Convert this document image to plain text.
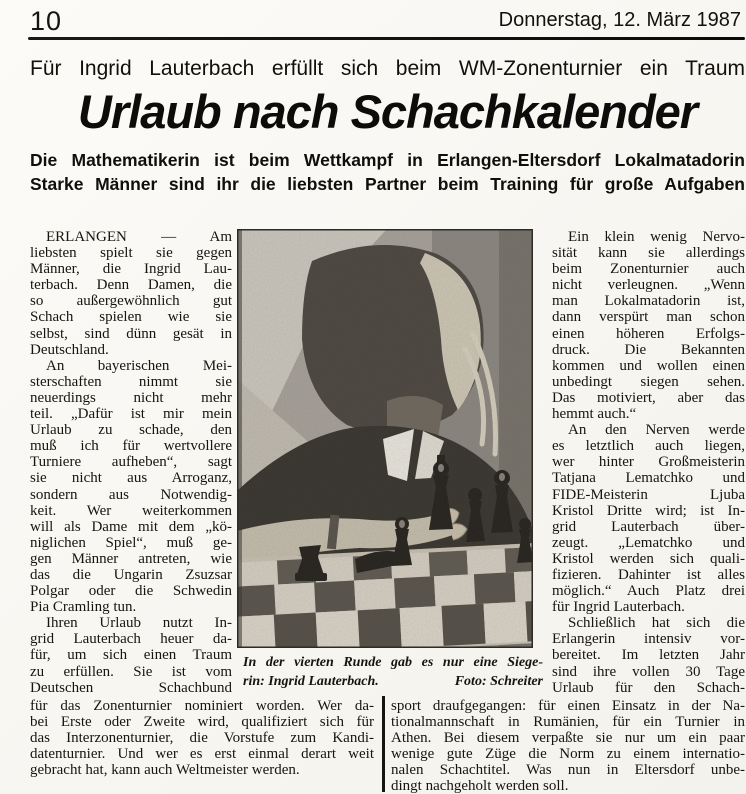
10	Donnerstag, 12. März 1987
Für Ingrid Lauterbach erfüllt sich beim WM-Zonenturnier ein Traum
Urlaub nach Schachkalender
Die Mathematikerin ist beim Wettkampf in Erlangen-Eltersdorf Lokalmatadorin
Starke Männer sind ihr die liebsten Partner beim Training für große Aufgaben
ERLANGEN — Am
liebsten spielt sie gegen
Männer, die Ingrid Lau-
terbach. Denn Damen, die
so außergewöhnlich gut
Schach spielen wie sie
selbst, sind dünn gesät in
Deutschland.
An bayerischen Mei-
sterschaften nimmt sie
neuerdings nicht mehr
teil. „Dafür ist mir mein
Urlaub zu schade, den
muß ich für wertvollere
Turniere aufheben“, sagt
sie nicht aus Arroganz,
sondern aus Notwendig-
keit. Wer weiterkommen
will als Dame mit dem „kö-
niglichen Spiel“, muß ge-
gen Männer antreten, wie
das die Ungarin Zsuzsar
Polgar oder die Schwedin
Pia Cramling tun.
Ihren Urlaub nutzt In-
grid Lauterbach heuer da-
für, um sich einen Traum
zu erfüllen. Sie ist vom
Deutschen Schachbund
In der vierten Runde gab es nur eine Siege-
rin: Ingrid Lauterbach.	Foto: Schreiter
Ein klein wenig Nervo-
sität kann sie allerdings
beim Zonenturnier auch
nicht verleugnen. „Wenn
man Lokalmatadorin ist,
dann verspürt man schon
einen höheren Erfolgs-
druck. Die Bekannten
kommen und wollen einen
unbedingt siegen sehen.
Das motiviert, aber das
hemmt auch.“
An den Nerven werde
es letztlich auch liegen,
wer hinter Großmeisterin
Tatjana Lematchko und
FIDE-Meisterin Ljuba
Kristol Dritte wird; ist In-
grid Lauterbach über-
zeugt. „Lematchko und
Kristol werden sich quali-
fizieren. Dahinter ist alles
möglich.“ Auch Platz drei
für Ingrid Lauterbach.
Schließlich hat sich die
Erlangerin intensiv vor-
bereitet. Im letzten Jahr
sind ihre vollen 30 Tage
Urlaub für den Schach-
für das Zonenturnier nominiert worden. Wer da-
bei Erste oder Zweite wird, qualifiziert sich für
das Interzonenturnier, die Vorstufe zum Kandi-
datenturnier. Und wer es erst einmal derart weit
gebracht hat, kann auch Weltmeister werden.
sport draufgegangen: für einen Einsatz in der Na-
tionalmannschaft in Rumänien, für ein Turnier in
Athen. Bei diesem verpaßte sie nur um ein paar
wenige gute Züge die Norm zu einem internatio-
nalen Schachtitel. Was nun in Eltersdorf unbe-
dingt nachgeholt werden soll.
